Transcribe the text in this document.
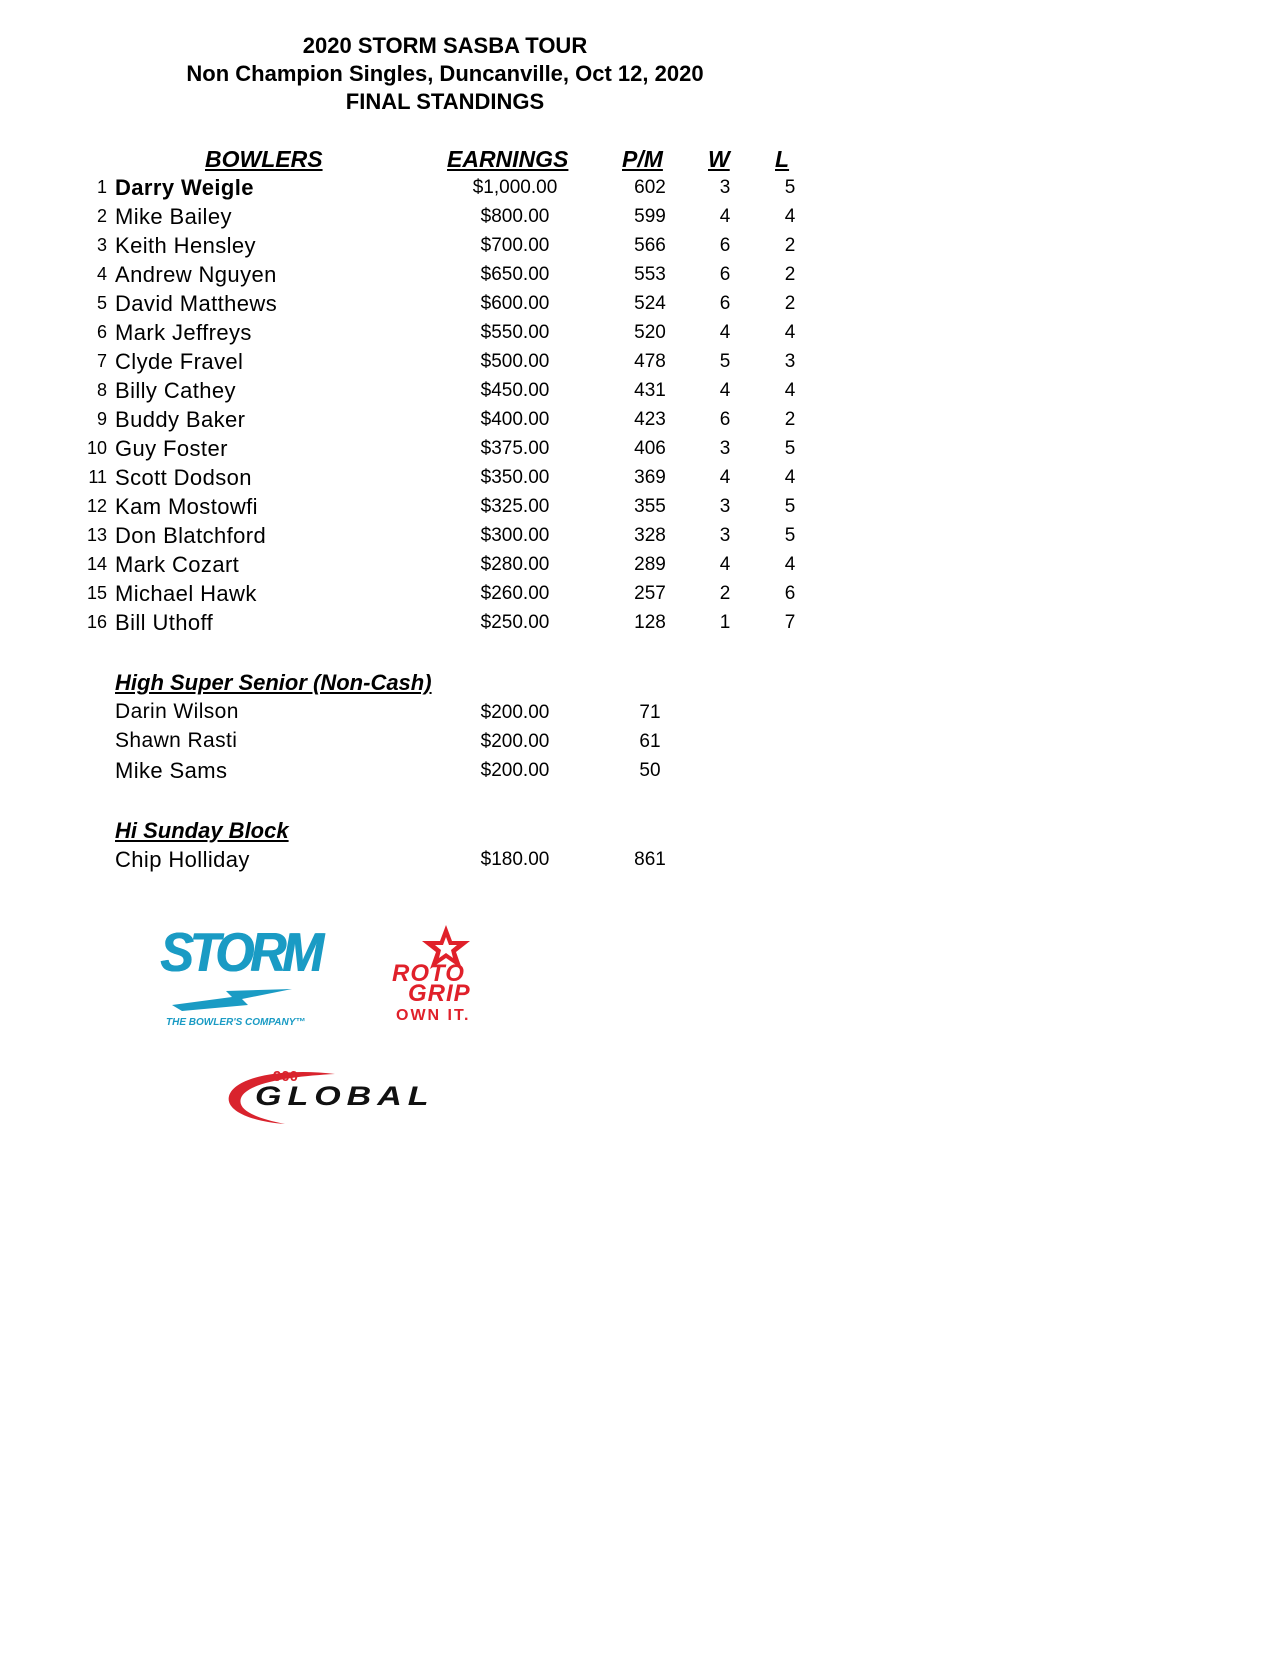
2020 STORM SASBA TOUR
Non Champion Singles, Duncanville, Oct 12, 2020
FINAL STANDINGS
BOWLERS	EARNINGS P/M W L
1 Darry Weigle	$1,000.00	602	3	5
2 Mike Bailey	$800.00	599	4	4
3 Keith Hensley	$700.00	566	6	2
4 Andrew Nguyen	$650.00	553	6	2
5 David Matthews	$600.00	524	6	2
6 Mark Jeffreys	$550.00	520	4	4
7 Clyde Fravel	$500.00	478	5	3
8 Billy Cathey	$450.00	431	4	4
9 Buddy Baker	$400.00	423	6	2
10 Guy Foster	$375.00	406	3	5
11 Scott Dodson	$350.00	369	4	4
12 Kam Mostowfi	$325.00	355	3	5
13 Don Blatchford	$300.00	328	3	5
14 Mark Cozart	$280.00	289	4	4
15 Michael Hawk	$260.00	257	2	6
16 Bill Uthoff	$250.00	128	1	7
High Super Senior (Non-Cash)
Darin Wilson	$200.00	71
Shawn Rasti	$200.00	61
Mike Sams	$200.00	50
Hi Sunday Block
Chip Holliday	$180.00	861
STORM
THE BOWLER'S COMPANY™
ROTO
GRIP
OWN IT.
900
GLOBAL
